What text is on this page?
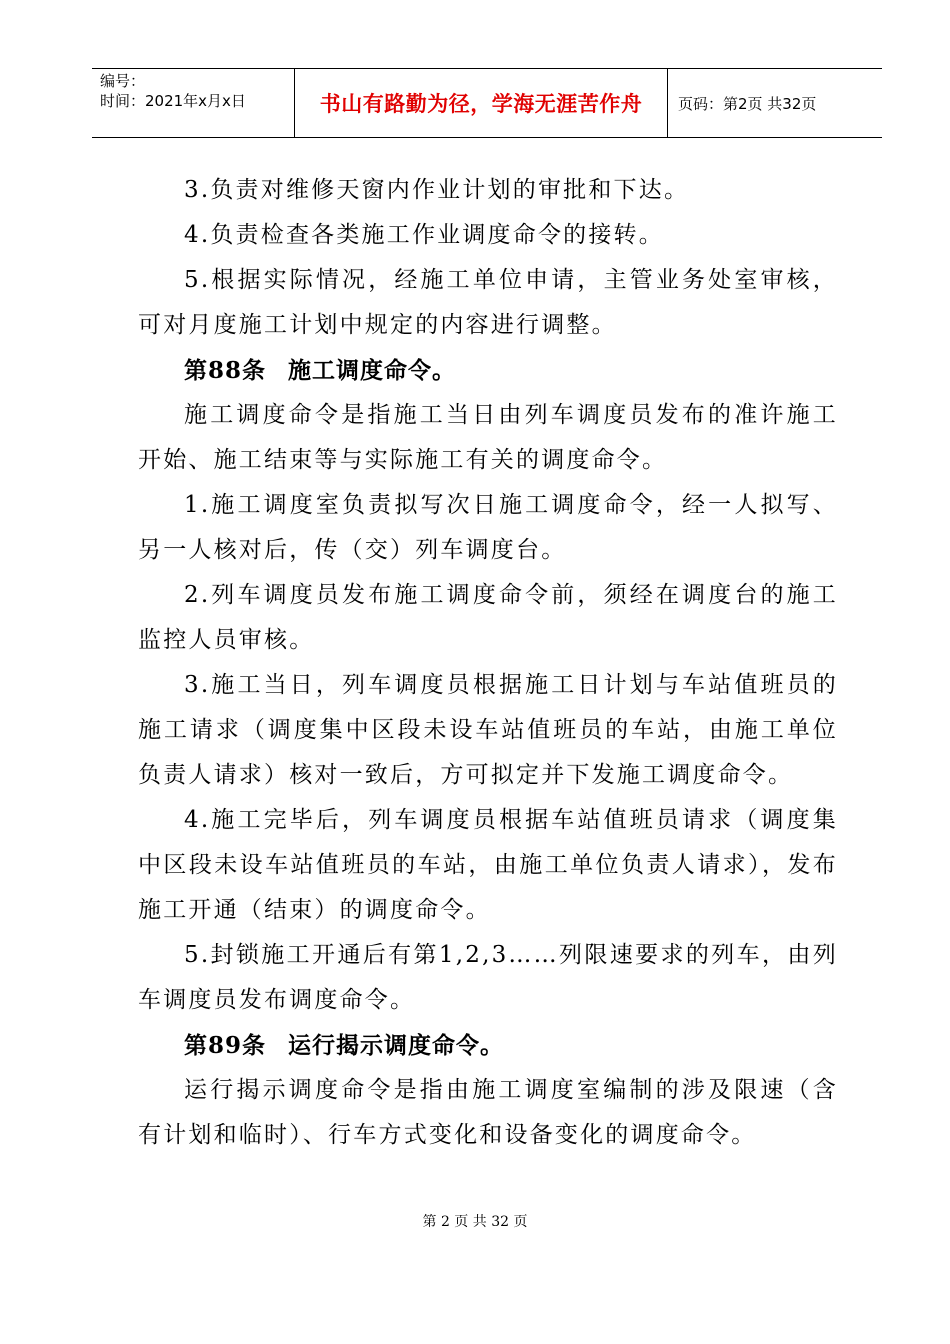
编号：
时间：2021年x月x日	书山有路勤为径，学海无涯苦作舟 页码：第2页 共32页

3.负责对维修天窗内作业计划的审批和下达。

4.负责检查各类施工作业调度命令的接转。

5.根据实际情况，经施工单位申请，主管业务处室审核，可对月度施工计划中规定的内容进行调整。

第88条 施工调度命令。

施工调度命令是指施工当日由列车调度员发布的准许施工开始、施工结束等与实际施工有关的调度命令。

1.施工调度室负责拟写次日施工调度命令，经一人拟写、另一人核对后，传（交）列车调度台。

2.列车调度员发布施工调度命令前，须经在调度台的施工监控人员审核。

3.施工当日，列车调度员根据施工日计划与车站值班员的施工请求（调度集中区段未设车站值班员的车站，由施工单位负责人请求）核对一致后，方可拟定并下发施工调度命令。

4.施工完毕后，列车调度员根据车站值班员请求（调度集中区段未设车站值班员的车站，由施工单位负责人请求），发布施工开通（结束）的调度命令。

5.封锁施工开通后有第1,2,3……列限速要求的列车，由列车调度员发布调度命令。

第89条 运行揭示调度命令。

运行揭示调度命令是指由施工调度室编制的涉及限速（含有计划和临时）、行车方式变化和设备变化的调度命令。

第 2 页 共 32 页
